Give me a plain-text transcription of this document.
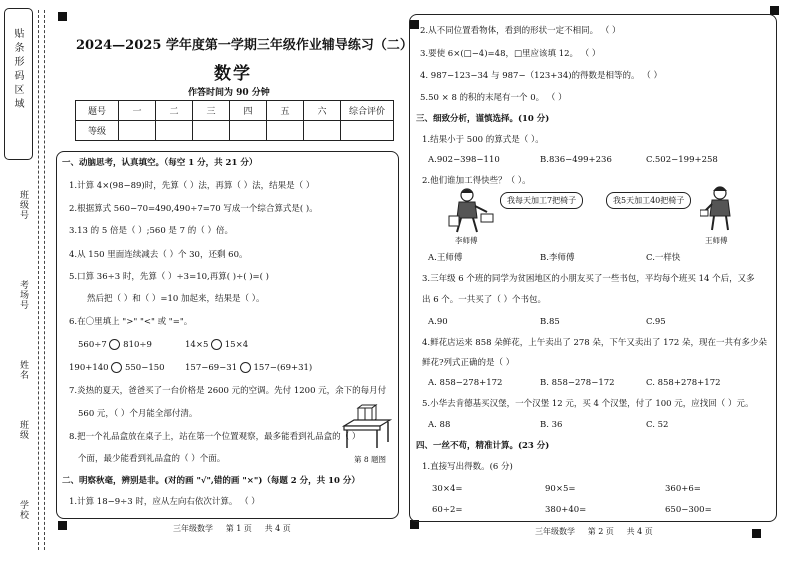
贴条形码区域
学校
班级
姓名
考场号
班级号
2024—2025 学年度第一学期三年级作业辅导练习（二）
数学
作答时间为 90 分钟
题号	一	二	三	四	五	六	综合评价
等级							
一、动脑思考，认真填空。（每空 1 分，共 21 分）
1.计算 4×(98−89)时，先算（ ）法，再算（ ）法，结果是（ ）
2.根据算式 560−70=490,490÷7=70 写成一个综合算式是( )。
3.13 的 5 倍是（ ）;560 是 7 的（ ）倍。
4.从 150 里面连续减去（ ）个 30，还剩 60。
5.口算 36÷3 时，先算（ ）÷3=10,再算( )÷( )=( )
然后把（ ）和（ ）=10 加起来，结果是（ ）。
6.在〇里填上 ">" "<" 或 "="。
560÷7 810÷9	14×5 15×4
190+140 550−150 157−69−31 157−(69+31)
7.炎热的夏天，爸爸买了一台价格是 2600 元的空调。先付 1200 元，余下的每月付
560 元，（ ）个月能全部付清。
8.把一个礼品盒放在桌子上，站在第一个位置观察，最多能看到礼品盒的（ ）
个面，最少能看到礼品盒的（ ）个面。	第 8 题图
二、明察秋毫，辨别是非。(对的画 "√",错的画 "×")（每题 2 分，共 10 分）
1.计算 18−9÷3 时，应从左向右依次计算。 （ ）
三年级数学 第 1 页 共 4 页
2.从不同位置看物体，看到的形状一定不相同。 （ ）
3.要使 6×(□−4)=48，□里应该填 12。 （ ）
4. 987−123−34 与 987−（123+34)的得数是相等的。 （ ）
5.50 × 8 的积的末尾有一个 0。 （ ）
三、细致分析，谨慎选择。(10 分)
1.结果小于 500 的算式是（ ）。
A.902−398−110	B.836−499+236	C.502−199+258
2.他们谁加工得快些？（ ）。
我每天加工7把椅子
李师傅
我5天加工40把椅子
王师傅
A.王师傅	B.李师傅	C.一样快
3.三年级 6 个班的同学为贫困地区的小朋友买了一些书包，平均每个班买 14 个后，又多
出 6 个。一共买了（ ）个书包。
A.90	B.85	C.95
4.鲜花店运来 858 朵鲜花，上午卖出了 278 朵，下午又卖出了 172 朵，现在一共有多少朵
鲜花?列式正确的是（ ）
A. 858−278+172	B. 858−278−172	C. 858+278+172
5.小华去肯德基买汉堡，一个汉堡 12 元，买 4 个汉堡，付了 100 元，应找回（ ）元。
A. 88	B. 36	C. 52
四、一丝不苟，精准计算。(23 分)
1.直接写出得数。(6 分)
30×4=	90×5=	360+6=
60÷2=	380+40=	650−300=
三年级数学 第 2 页 共 4 页
